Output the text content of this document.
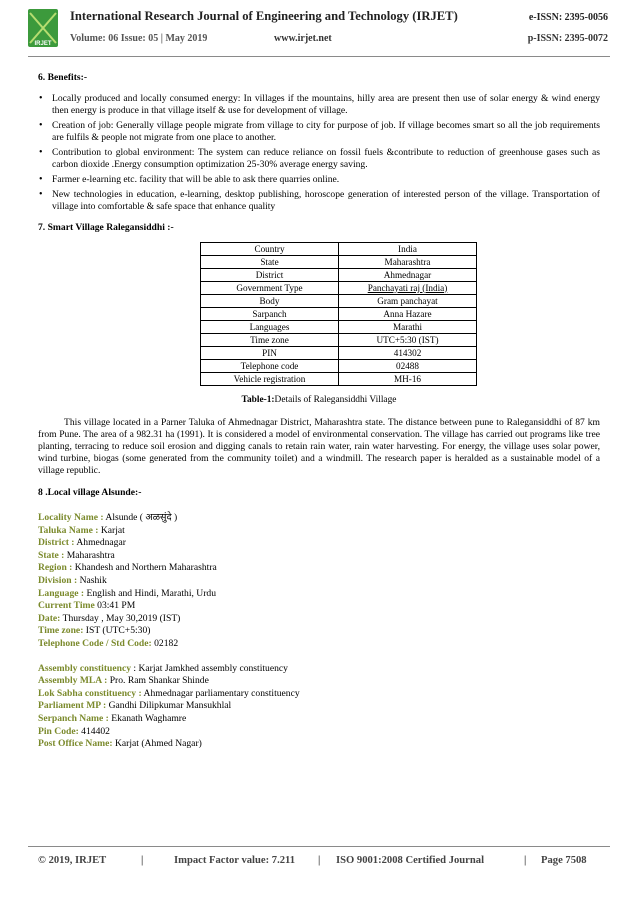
IRJET
International Research Journal of Engineering and Technology (IRJET)	e-ISSN: 2395-0056
Volume: 06 Issue: 05 | May 2019	www.irjet.net	p-ISSN: 2395-0072

6. Benefits:-

• Locally produced and locally consumed energy: In villages if the mountains, hilly area are present then use of solar energy & wind energy then energy is produce in that village itself & use for development of village.
• Creation of job: Generally village people migrate from village to city for purpose of job. If village becomes smart so all the job requirements are fulfils & people not migrate from one place to another.
• Contribution to global environment: The system can reduce reliance on fossil fuels &contribute to reduction of greenhouse gases such as carbon dioxide .Energy consumption optimization 25-30% average energy saving.
• Farmer e-learning etc. facility that will be able to ask there quarries online.
• New technologies in education, e-learning, desktop publishing, horoscope generation of interested person of the village. Transportation of village into comfortable & safe space that enhance quality

7. Smart Village Ralegansiddhi :-

Country	India
State	Maharashtra
District	Ahmednagar
Government Type	Panchayati raj (India)
Body	Gram panchayat
Sarpanch	Anna Hazare
Languages	Marathi
Time zone	UTC+5:30 (IST)
PIN	414302
Telephone code	02488
Vehicle registration	MH-16
Table-1:Details of Ralegansiddhi Village

This village located in a Parner Taluka of Ahmednagar District, Maharashtra state. The distance between pune to Ralegansiddhi of 87 km from Pune. The area of a 982.31 ha (1991). It is considered a model of environmental conservation. The village has carried out programs like tree planting, terracing to reduce soil erosion and digging canals to retain rain water, rain water harvesting. For energy, the village uses solar power, wind turbine, biogas (some generated from the community toilet) and a windmill. The research paper is heralded as a sustainable model of a village republic.

8 .Local village Alsunde:-

Locality Name : Alsunde ( अळसुंदे )

Taluka Name : Karjat

District : Ahmednagar

State : Maharashtra

Region : Khandesh and Northern Maharashtra

Division : Nashik

Language : English and Hindi, Marathi, Urdu

Current Time 03:41 PM

Date: Thursday , May 30,2019 (IST)

Time zone: IST (UTC+5:30)

Telephone Code / Std Code: 02182

Assembly constituency : Karjat Jamkhed assembly constituency

Assembly MLA : Pro. Ram Shankar Shinde

Lok Sabha constituency : Ahmednagar parliamentary constituency

Parliament MP : Gandhi Dilipkumar Mansukhlal

Serpanch Name : Ekanath Waghamre

Pin Code: 414402

Post Office Name: Karjat (Ahmed Nagar)

© 2019, IRJET	|	Impact Factor value: 7.211 | ISO 9001:2008 Certified Journal	| Page 7508
